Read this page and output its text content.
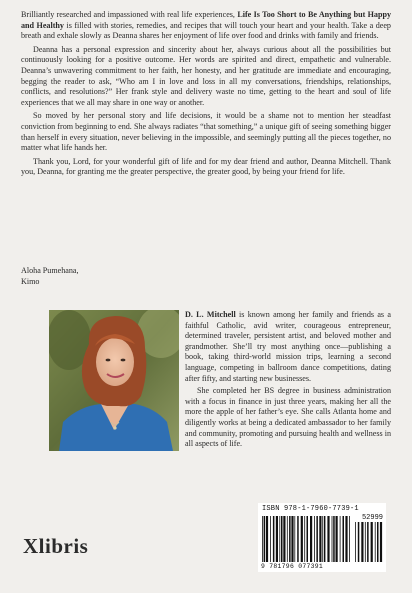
Brilliantly researched and impassioned with real life experiences, Life Is Too Short to Be Anything but Happy and Healthy is filled with stories, remedies, and recipes that will touch your heart and your health. Take a deep breath and exhale slowly as Deanna shares her enjoyment of life over food and drinks with family and friends.

Deanna has a personal expression and sincerity about her, always curious about all the possibilities but continuously looking for a positive outcome. Her words are spirited and direct, empathetic and vulnerable. Deanna’s unwavering commitment to her faith, her honesty, and her gratitude are immediate and encouraging, begging the reader to ask, “Who am I in love and loss in all my conversations, friendships, relationships, conflicts, and resolutions?” Her frank style and delivery waste no time, getting to the heart and soul of life experiences that we all may share in one way or another.

So moved by her personal story and life decisions, it would be a shame not to mention her steadfast conviction from beginning to end. She always radiates “that something,” a unique gift of seeing something bigger than herself in every situation, never believing in the impossible, and seemingly putting all the pieces together, no matter what life hands her.

Thank you, Lord, for your wonderful gift of life and for my dear friend and author, Deanna Mitchell. Thank you, Deanna, for granting me the greater perspective, the greater good, by being your friend for life.

Aloha Pumehana,
Kimo

D. L. Mitchell is known among her family and friends as a faithful Catholic, avid writer, courageous entrepreneur, determined traveler, persistent artist, and beloved mother and grandmother. She’ll try most anything once—publishing a book, taking third-world mission trips, learning a second language, competing in ballroom dance competitions, dating after fifty, and starting new businesses.

She completed her BS degree in business administration with a focus in finance in just three years, making her all the more the apple of her father’s eye. She calls Atlanta home and diligently works at being a dedicated ambassador to her family and community, promoting and pursuing health and wellness in all aspects of life.

Xlibris
ISBN 978-1-7960-7739-1
52999
9 781796 077391
